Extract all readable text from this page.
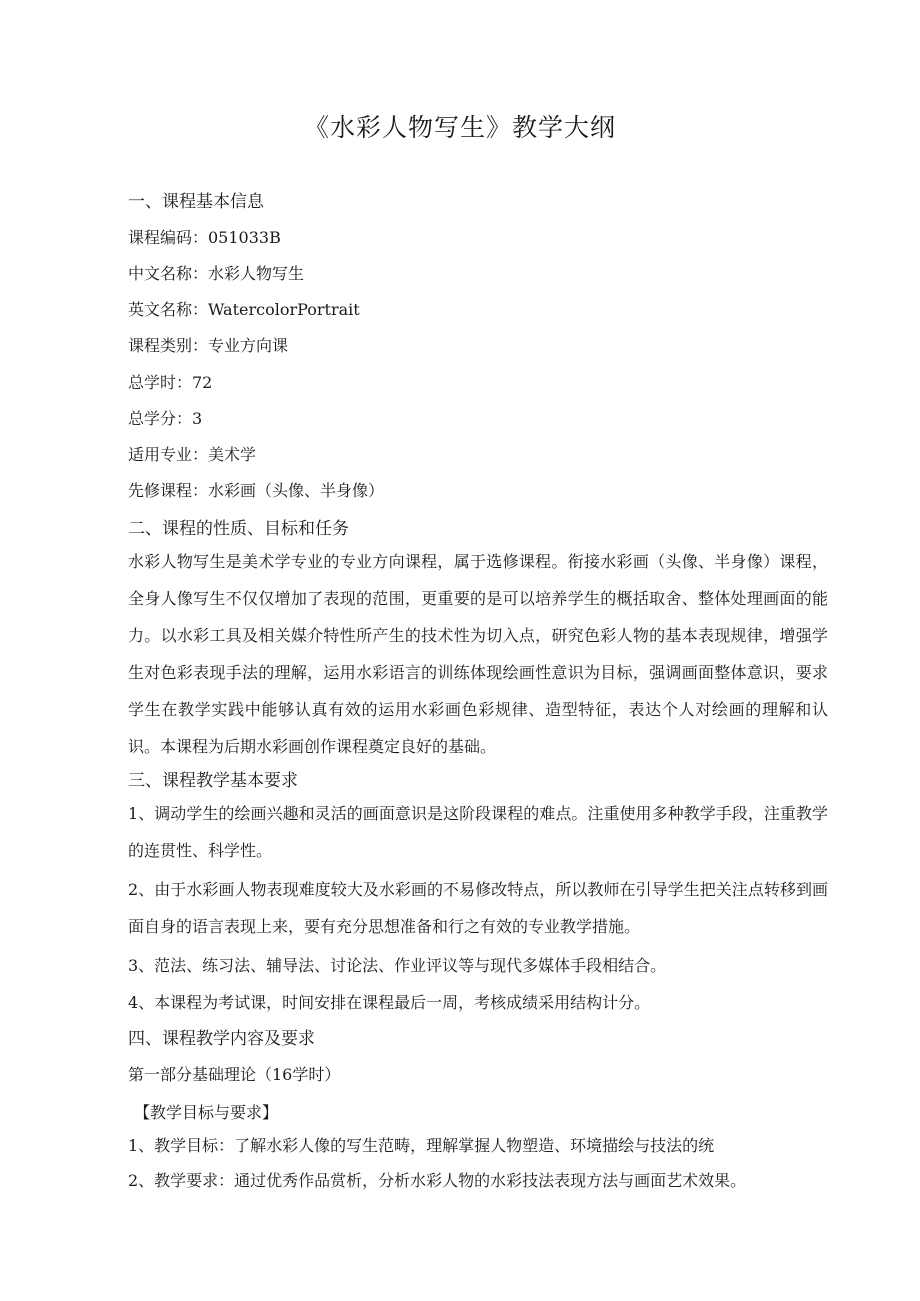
《水彩人物写生》教学大纲
一、课程基本信息
课程编码：051033B
中文名称：水彩人物写生
英文名称：WatercolorPortrait
课程类别：专业方向课
总学时：72
总学分：3
适用专业：美术学
先修课程：水彩画（头像、半身像）
二、课程的性质、目标和任务
水彩人物写生是美术学专业的专业方向课程，属于选修课程。衔接水彩画（头像、半身像）课程，全身人像写生不仅仅增加了表现的范围，更重要的是可以培养学生的概括取舍、整体处理画面的能力。以水彩工具及相关媒介特性所产生的技术性为切入点，研究色彩人物的基本表现规律，增强学生对色彩表现手法的理解，运用水彩语言的训练体现绘画性意识为目标，强调画面整体意识，要求学生在教学实践中能够认真有效的运用水彩画色彩规律、造型特征，表达个人对绘画的理解和认识。本课程为后期水彩画创作课程奠定良好的基础。
三、课程教学基本要求
1、调动学生的绘画兴趣和灵活的画面意识是这阶段课程的难点。注重使用多种教学手段，注重教学的连贯性、科学性。
2、由于水彩画人物表现难度较大及水彩画的不易修改特点，所以教师在引导学生把关注点转移到画面自身的语言表现上来，要有充分思想准备和行之有效的专业教学措施。
3、范法、练习法、辅导法、讨论法、作业评议等与现代多媒体手段相结合。
4、本课程为考试课，时间安排在课程最后一周，考核成绩采用结构计分。
四、课程教学内容及要求
第一部分基础理论（16学时）
【教学目标与要求】
1、教学目标：了解水彩人像的写生范畴，理解掌握人物塑造、环境描绘与技法的统
2、教学要求：通过优秀作品赏析，分析水彩人物的水彩技法表现方法与画面艺术效果。
